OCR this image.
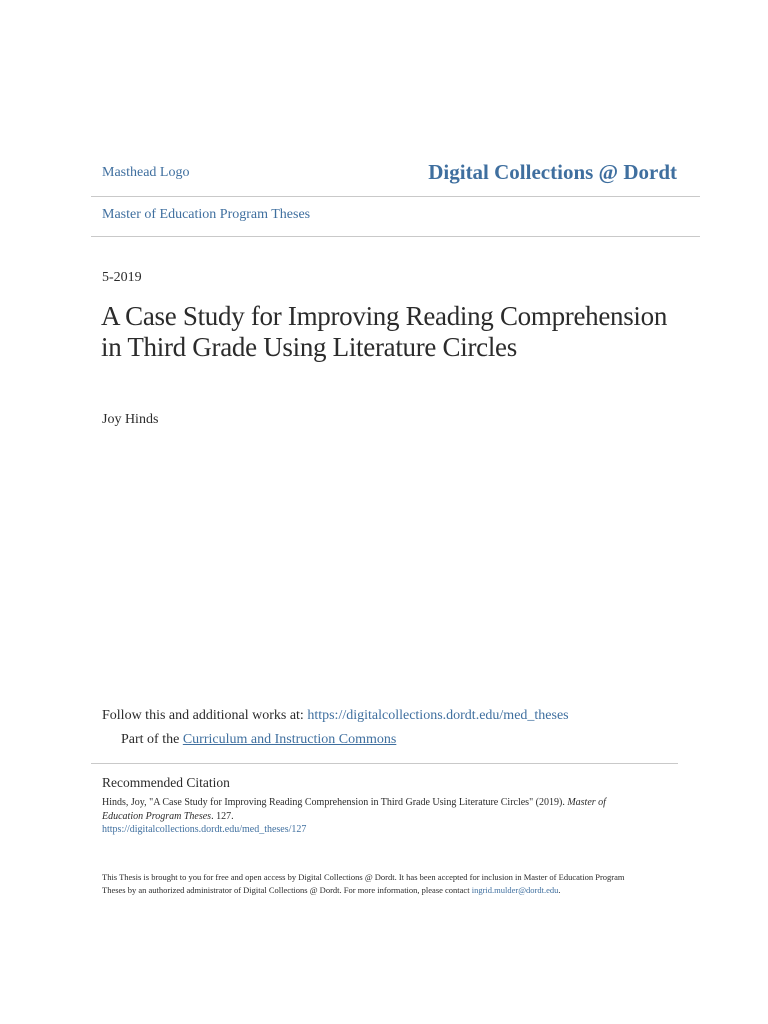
Masthead Logo	Digital Collections @ Dordt
Master of Education Program Theses
5-2019
A Case Study for Improving Reading Comprehension in Third Grade Using Literature Circles
Joy Hinds
Follow this and additional works at: https://digitalcollections.dordt.edu/med_theses
Part of the Curriculum and Instruction Commons
Recommended Citation
Hinds, Joy, "A Case Study for Improving Reading Comprehension in Third Grade Using Literature Circles" (2019). Master of Education Program Theses. 127.
https://digitalcollections.dordt.edu/med_theses/127
This Thesis is brought to you for free and open access by Digital Collections @ Dordt. It has been accepted for inclusion in Master of Education Program Theses by an authorized administrator of Digital Collections @ Dordt. For more information, please contact ingrid.mulder@dordt.edu.
